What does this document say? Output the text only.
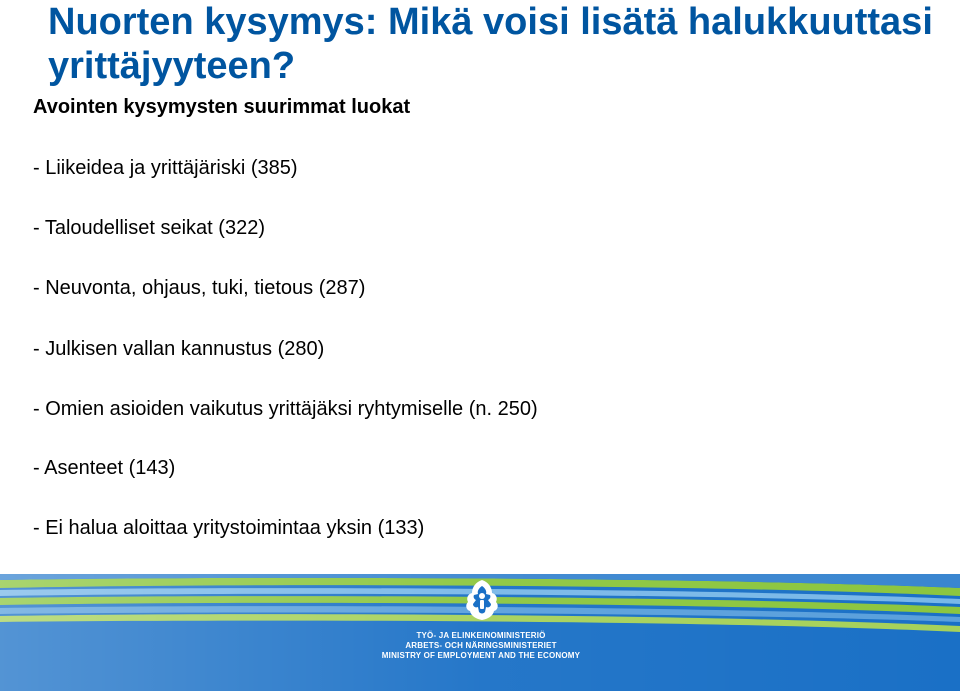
Nuorten kysymys: Mikä voisi lisätä halukkuuttasi yrittäjyyteen?
Avointen kysymysten suurimmat luokat
- Liikeidea ja yrittäjäriski (385)
- Taloudelliset seikat (322)
- Neuvonta, ohjaus, tuki, tietous (287)
- Julkisen vallan kannustus (280)
- Omien asioiden vaikutus yrittäjäksi ryhtymiselle (n. 250)
- Asenteet (143)
- Ei halua aloittaa yritystoimintaa yksin (133)
TYÖ- JA ELINKEINOMINISTERIÖ
ARBETS- OCH NÄRINGSMINISTERIET
MINISTRY OF EMPLOYMENT AND THE ECONOMY
